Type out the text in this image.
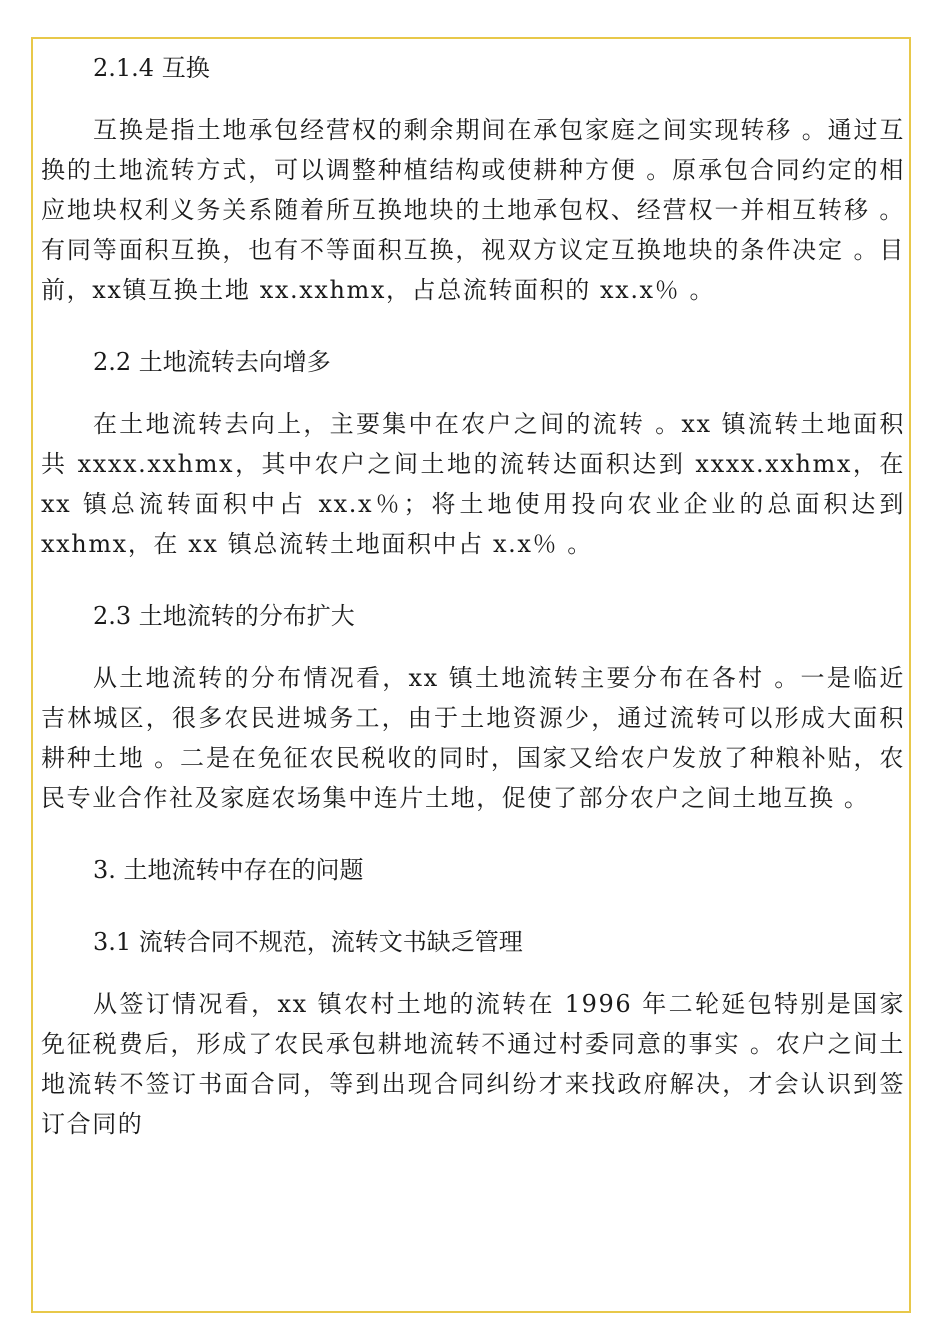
2.1.4 互换

互换是指土地承包经营权的剩余期间在承包家庭之间实现转移 。通过互换的土地流转方式，可以调整种植结构或使耕种方便 。原承包合同约定的相应地块权利义务关系随着所互换地块的土地承包权、经营权一并相互转移 。有同等面积互换，也有不等面积互换，视双方议定互换地块的条件决定 。目前，xx镇互换土地 xx.xxhmx，占总流转面积的 xx.x％ 。

2.2 土地流转去向增多

在土地流转去向上，主要集中在农户之间的流转 。xx 镇流转土地面积共 xxxx.xxhmx，其中农户之间土地的流转达面积达到 xxxx.xxhmx，在 xx 镇总流转面积中占 xx.x％；将土地使用投向农业企业的总面积达到 xxhmx，在 xx 镇总流转土地面积中占 x.x％ 。

2.3 土地流转的分布扩大

从土地流转的分布情况看，xx 镇土地流转主要分布在各村 。一是临近吉林城区，很多农民进城务工，由于土地资源少，通过流转可以形成大面积耕种土地 。二是在免征农民税收的同时，国家又给农户发放了种粮补贴，农民专业合作社及家庭农场集中连片土地，促使了部分农户之间土地互换 。

3. 土地流转中存在的问题

3.1 流转合同不规范，流转文书缺乏管理

从签订情况看，xx 镇农村土地的流转在 1996 年二轮延包特别是国家免征税费后，形成了农民承包耕地流转不通过村委同意的事实 。农户之间土地流转不签订书面合同，等到出现合同纠纷才来找政府解决，才会认识到签订合同的
